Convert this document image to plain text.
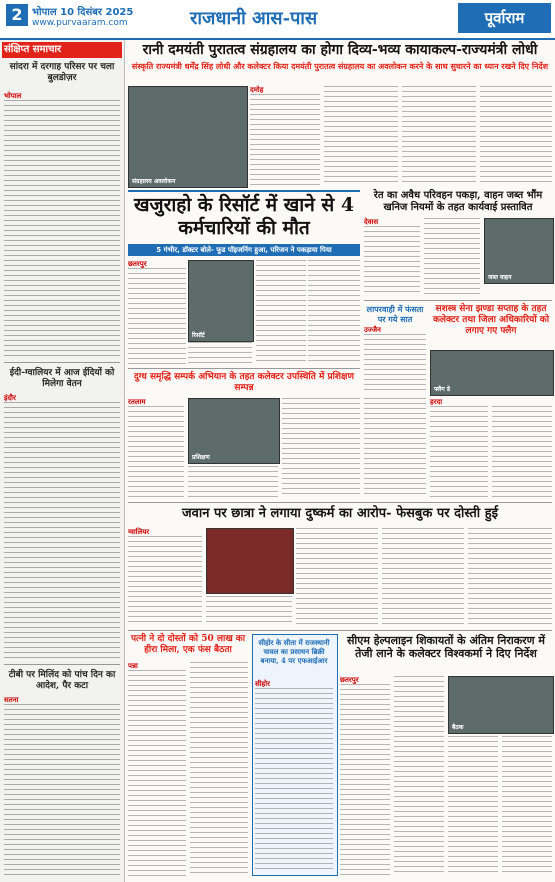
2 भोपाल 10 दिसंबर 2025
www.purvaaram.com	राजधानी आस-पास	पूर्वाराम
संक्षिप्त समाचार
सांदरा में दरगाह परिसर पर चला बुलडोज़र
भोपाल
ईदी-ग्वालियर में आज ईदियों को मिलेगा वेतन
इंदौर
टीबी पर मिलिंद को पांच दिन का आदेश, पैर कटा
सतना
रानी दमयंती पुरातत्व संग्रहालय का होगा दिव्य-भव्य कायाकल्प-राज्यमंत्री लोधी
संस्कृति राज्यमंत्री धर्मेंद्र सिंह लोधी और कलेक्टर किया दमयंती पुरातत्व संग्रहालय का अवलोकन करने के साथ सुधारने का ध्यान रखने दिए निर्देश
संग्रहालय अवलोकन
दमोह
खजुराहो के रिसॉर्ट में खाने से 4 कर्मचारियों की मौत
5 गंभीर, डॉक्टर बोले- फूड पॉइजनिंग हुआ, परिजन ने पकड़ाया पिया
छतरपुर
रिसॉर्ट
रेत का अवैध परिवहन पकड़ा, वाहन जब्त भौंम खनिज नियमों के तहत कार्यवाई प्रस्तावित
देवास
जब्त वाहन
लापरवाही में फंसता पर गये सात
उज्जैन
सशस्त्र सेना झण्डा सप्ताह के तहत कलेक्टर तथा जिला अधिकारियों को लगाए गए फ्लैग
फ्लैग डे
हरदा
दुग्ध समृद्धि सम्पर्क अभियान के तहत कलेक्टर उपस्थिति में प्रशिक्षण सम्पन्न
रतलाम
प्रशिक्षण
जवान पर छात्रा ने लगाया दुष्कर्म का आरोप- फेसबुक पर दोस्ती हुई
ग्वालियर
पत्नी ने दो दोस्तों को 50 लाख का हीरा मिला, एक फंस बैठता
पन्ना
सीहोर के सीता में राजस्थानी चावल का प्रसाधन ब्रिक्री बनाया, 4 पर एफआईआर
सीहोर
सीएम हेल्पलाइन शिकायतों के अंतिम निराकरण में तेजी लाने के कलेक्टर विश्वकर्मा ने दिए निर्देश
छतरपुर
बैठक
